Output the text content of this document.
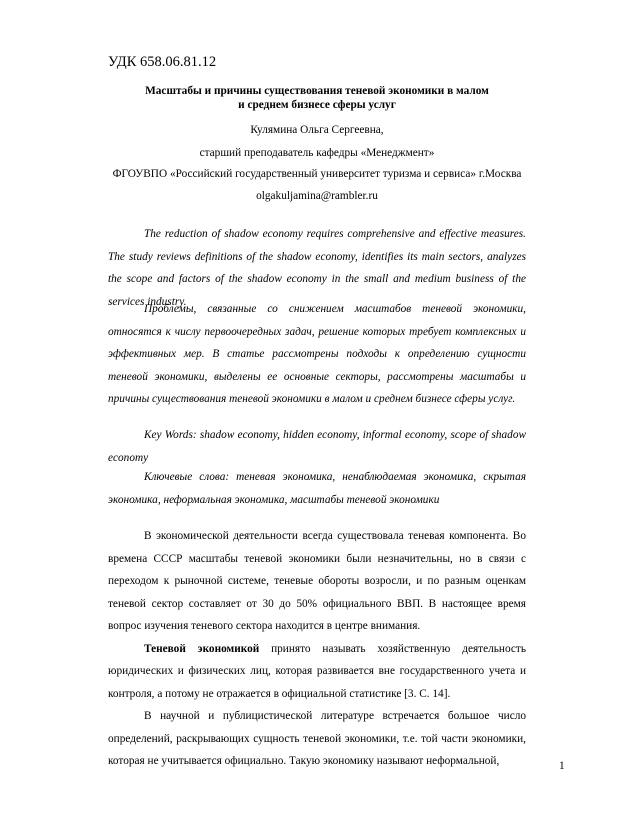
УДК 658.06.81.12
Масштабы и причины существования теневой экономики в малом
и среднем бизнесе сферы услуг
Кулямина Ольга Сергеевна,
старший преподаватель кафедры «Менеджмент»
ФГОУВПО «Российский государственный университет туризма и сервиса» г.Москва
olgakuljamina@rambler.ru

The reduction of shadow economy requires comprehensive and effective measures. The study reviews definitions of the shadow economy, identifies its main sectors, analyzes the scope and factors of the shadow economy in the small and medium business of the services industry.

Проблемы, связанные со снижением масштабов теневой экономики, относятся к числу первоочередных задач, решение которых требует комплексных и эффективных мер. В статье рассмотрены подходы к определению сущности теневой экономики, выделены ее основные секторы, рассмотрены масштабы и причины существования теневой экономики в малом и среднем бизнесе сферы услуг.

Key Words: shadow economy, hidden economy, informal economy, scope of shadow economy

Ключевые слова: теневая экономика, ненаблюдаемая экономика, скрытая экономика, неформальная экономика, масштабы теневой экономики

В экономической деятельности всегда существовала теневая компонента. Во времена СССР масштабы теневой экономики были незначительны, но в связи с переходом к рыночной системе, теневые обороты возросли, и по разным оценкам теневой сектор составляет от 30 до 50% официального ВВП. В настоящее время вопрос изучения теневого сектора находится в центре внимания.

Теневой экономикой принято называть хозяйственную деятельность юридических и физических лиц, которая развивается вне государственного учета и контроля, а потому не отражается в официальной статистике [3. С. 14].

В научной и публицистической литературе встречается большое число определений, раскрывающих сущность теневой экономики, т.е. той части экономики, которая не учитывается официально. Такую экономику называют неформальной,	1
